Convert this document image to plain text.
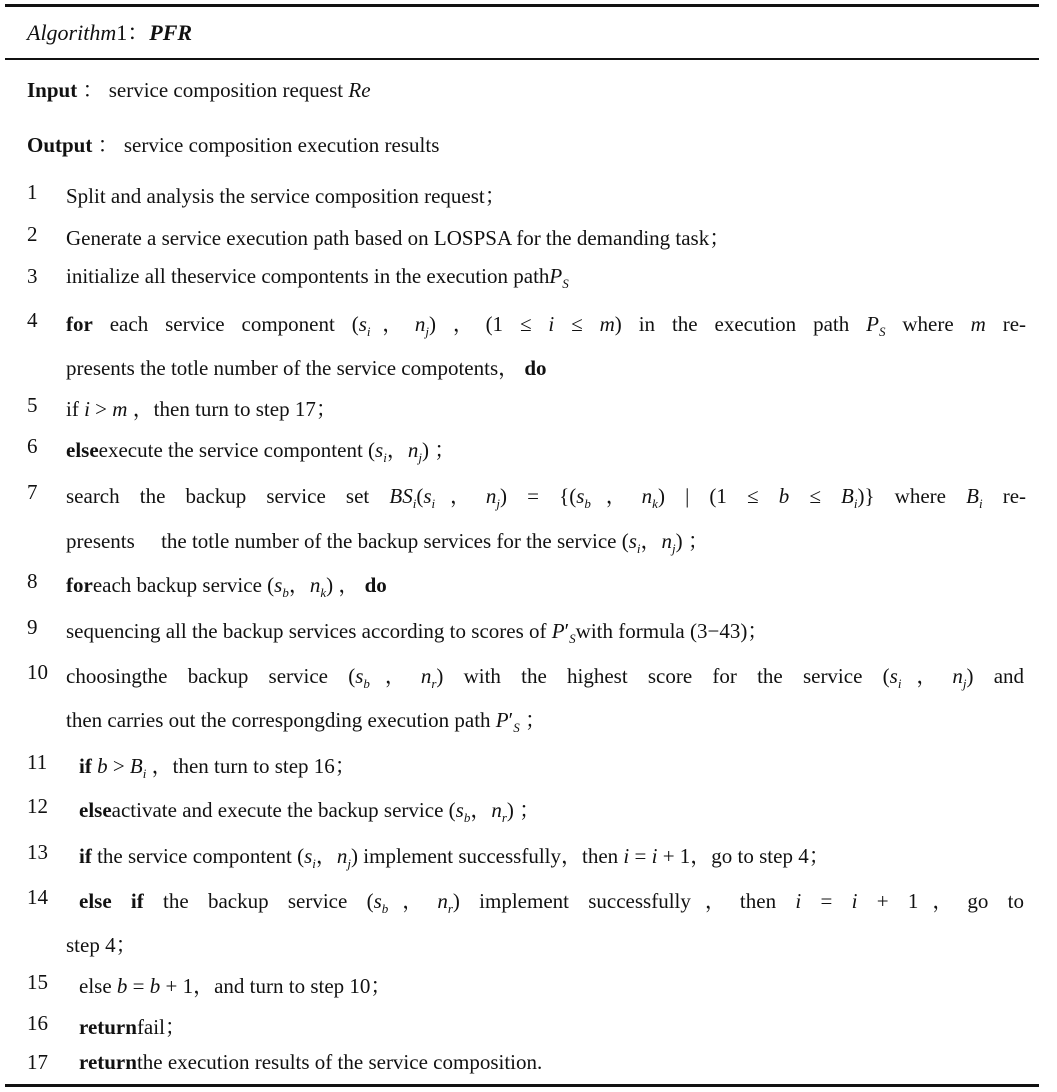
Algorithm1：PFR
Input ： service composition request Re
Output ： service composition execution results
1 Split and analysis the service composition request；
2 Generate a service execution path based on LOSPSA for the demanding task；
3 initialize all theservice compontents in the execution pathP$_S$
4 for each service component ($s_i$，$n_j$) ，(1 ≤ i ≤ m) in the execution path $P_S$ where m re-
presents the totle number of the service compotents， do
5 if i > m ，then turn to step 17；
6 elseexecute the service compontent ($s_i$，$n_j$) ；
7 search the backup service set $BS_i(s_i$，$n_j) = \{(s_b$，$n_k$) | $(1 \le b \le B_i)$} where $B_i$ re-
presents　 the totle number of the backup services for the service ($s_i$，$n_j$) ；
8 foreach backup service ($s_b$，$n_k$) ， do
9 sequencing all the backup services according to scores of $P'_Swith$ formula (3−43)；
10 choosingthe backup service ($s_b$，$n_r$) with the highest score for the service ($s_i$，$n_j$) and
then carries out the correspongding execution path $P'_S$ ；
11 if $b > B_i$ ，then turn to step 16；
12 elseactivate and execute the backup service ($s_b$，$n_r$) ；
13 if the service compontent ($s_i$，$n_j$) implement successfully，then i = i + 1，go to step 4；
14 else if the backup service ($s_b$，$n_r$) implement successfully，then i = i + 1，go to
step 4；
15 else b = b + 1，and turn to step 10；
16 returnfail；
17 returnthe execution results of the service composition.
